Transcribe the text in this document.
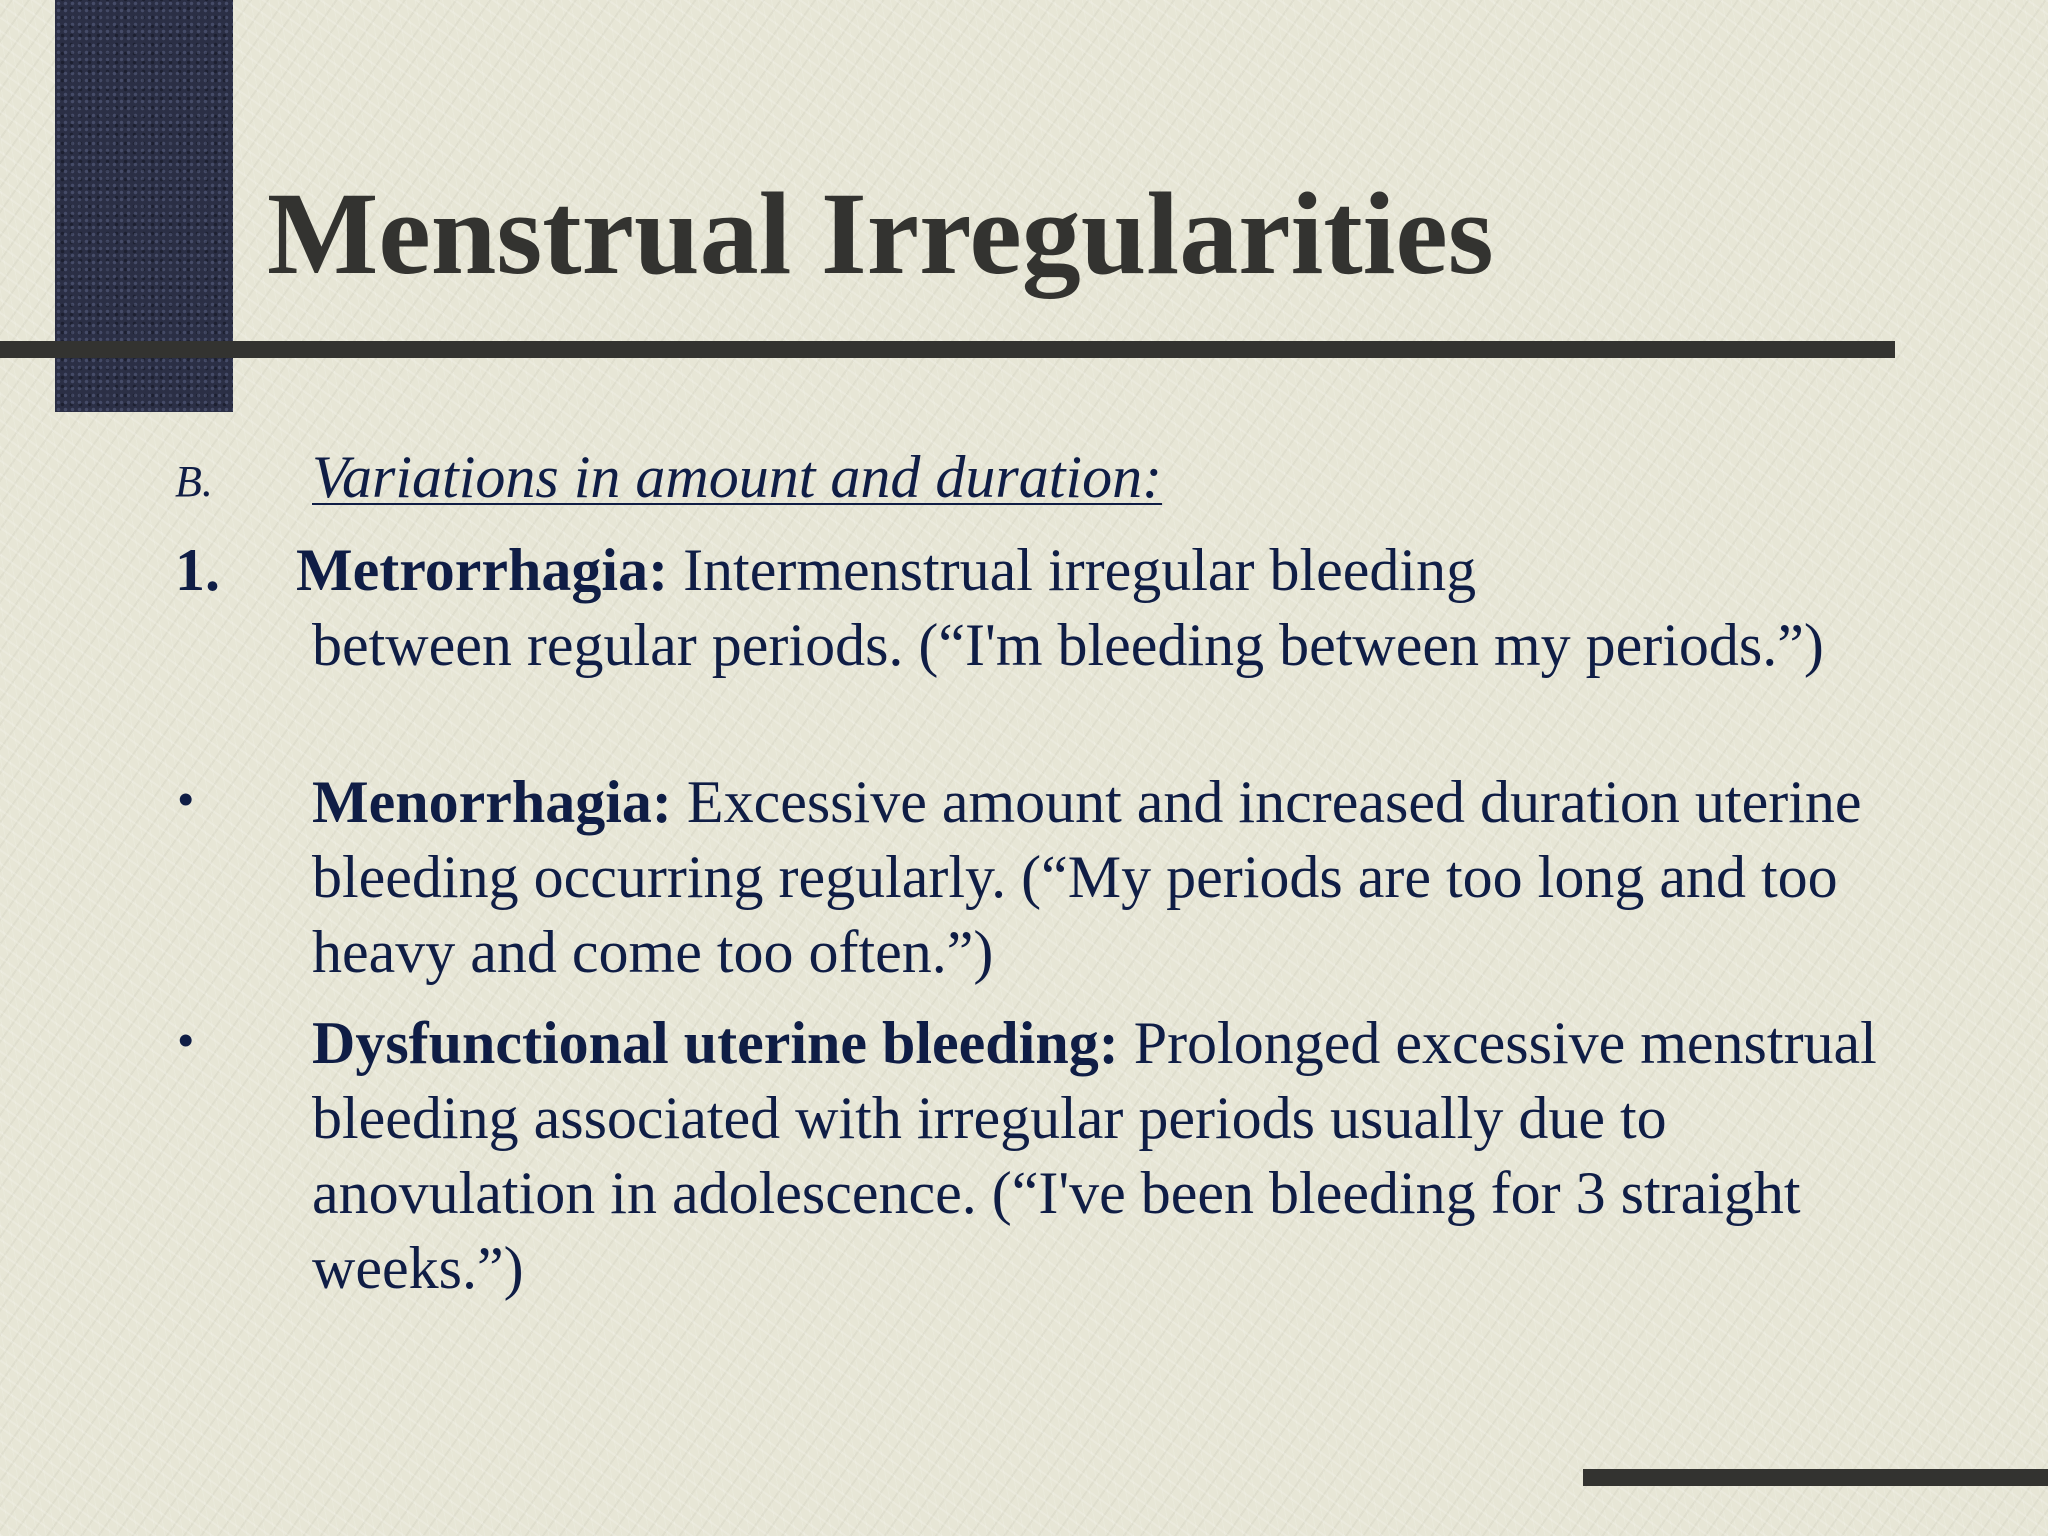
Menstrual Irregularities
B. Variations in amount and duration:
1. Metrorrhagia: Intermenstrual irregular bleeding
between regular periods. (“I'm bleeding between my periods.”)
• Menorrhagia: Excessive amount and increased duration uterine bleeding occurring regularly. (“My periods are too long and too heavy and come too often.”)
• Dysfunctional uterine bleeding: Prolonged excessive menstrual bleeding associated with irregular periods usually due to anovulation in adolescence. (“I've been bleeding for 3 straight weeks.”)
